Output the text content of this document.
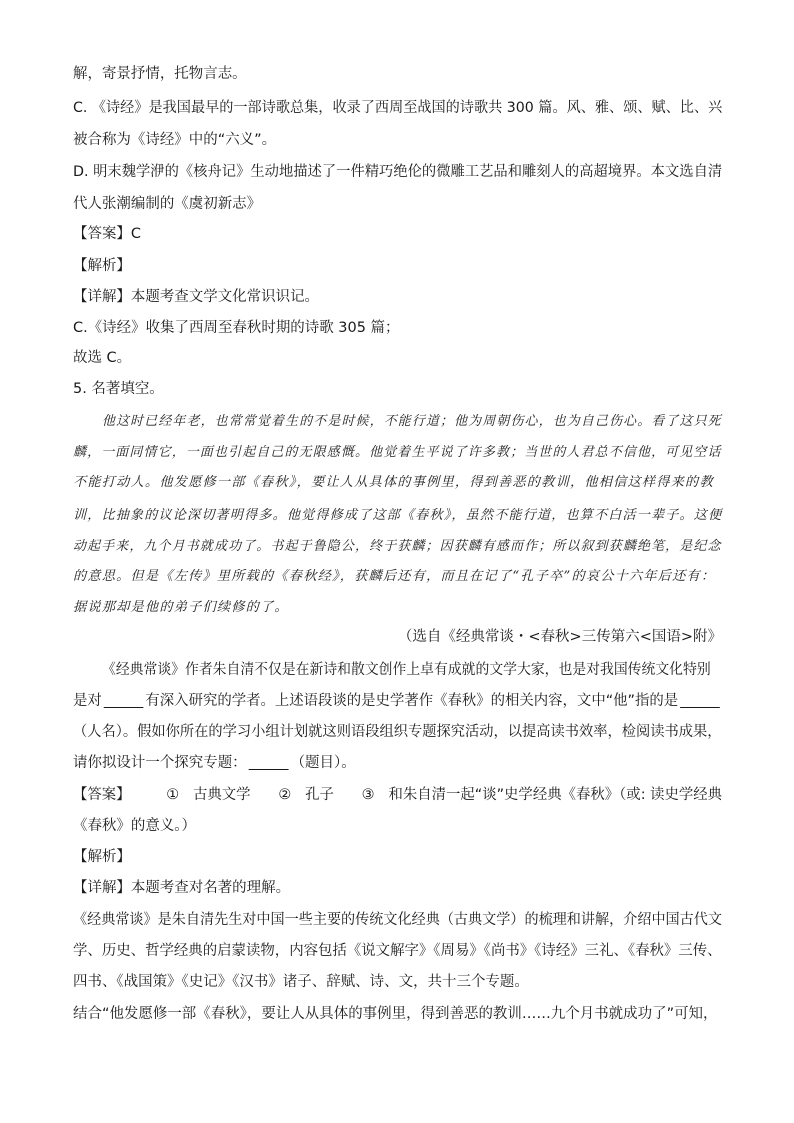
解，寄景抒情，托物言志。
C. 《诗经》是我国最早的一部诗歌总集，收录了西周至战国的诗歌共 300 篇。风、雅、颂、赋、比、兴
被合称为《诗经》中的“六义”。
D. 明末魏学洢的《核舟记》生动地描述了一件精巧绝伦的微雕工艺品和雕刻人的高超境界。本文选自清
代人张潮编制的《虞初新志》
【答案】C
【解析】
【详解】本题考查文学文化常识识记。
C.《诗经》收集了西周至春秋时期的诗歌 305 篇；
故选 C。
5. 名著填空。
他这时已经年老，也常常觉着生的不是时候，不能行道；他为周朝伤心，也为自己伤心。看了这只死
麟，一面同情它，一面也引起自己的无限感慨。他觉着生平说了许多教；当世的人君总不信他，可见空话
不能打动人。他发愿修一部《春秋》，要让人从具体的事例里，得到善恶的教训，他相信这样得来的教
训，比抽象的议论深切著明得多。他觉得修成了这部《春秋》，虽然不能行道，也算不白活一辈子。这便
动起手来，九个月书就成功了。书起于鲁隐公，终于获麟；因获麟有感而作；所以叙到获麟绝笔，是纪念
的意思。但是《左传》里所载的《春秋经》，获麟后还有，而且在记了“孔子卒”的哀公十六年后还有：
据说那却是他的弟子们续修的了。
（选自《经典常谈・<春秋>三传第六<国语>附》
《经典常谈》作者朱自清不仅是在新诗和散文创作上卓有成就的文学大家，也是对我国传统文化特别
是对	有深入研究的学者。上述语段谈的是史学著作《春秋》的相关内容，文中“他”指的是
（人名）。假如你所在的学习小组计划就这则语段组织专题探究活动，以提高读书效率，检阅读书成果，
请你拟设计一个探究专题：	（题目）。
【答案】 ① 古典文学 ② 孔子 ③ 和朱自清一起“谈”史学经典《春秋》（或: 读史学经典
《春秋》的意义。）
【解析】
【详解】本题考查对名著的理解。
《经典常谈》是朱自清先生对中国一些主要的传统文化经典（古典文学）的梳理和讲解，介绍中国古代文
学、历史、哲学经典的启蒙读物，内容包括《说文解字》《周易》《尚书》《诗经》三礼、《春秋》三传、
四书、《战国策》《史记》《汉书》诸子、辞赋、诗、文，共十三个专题。
结合“他发愿修一部《春秋》，要让人从具体的事例里，得到善恶的教训……九个月书就成功了”可知，
